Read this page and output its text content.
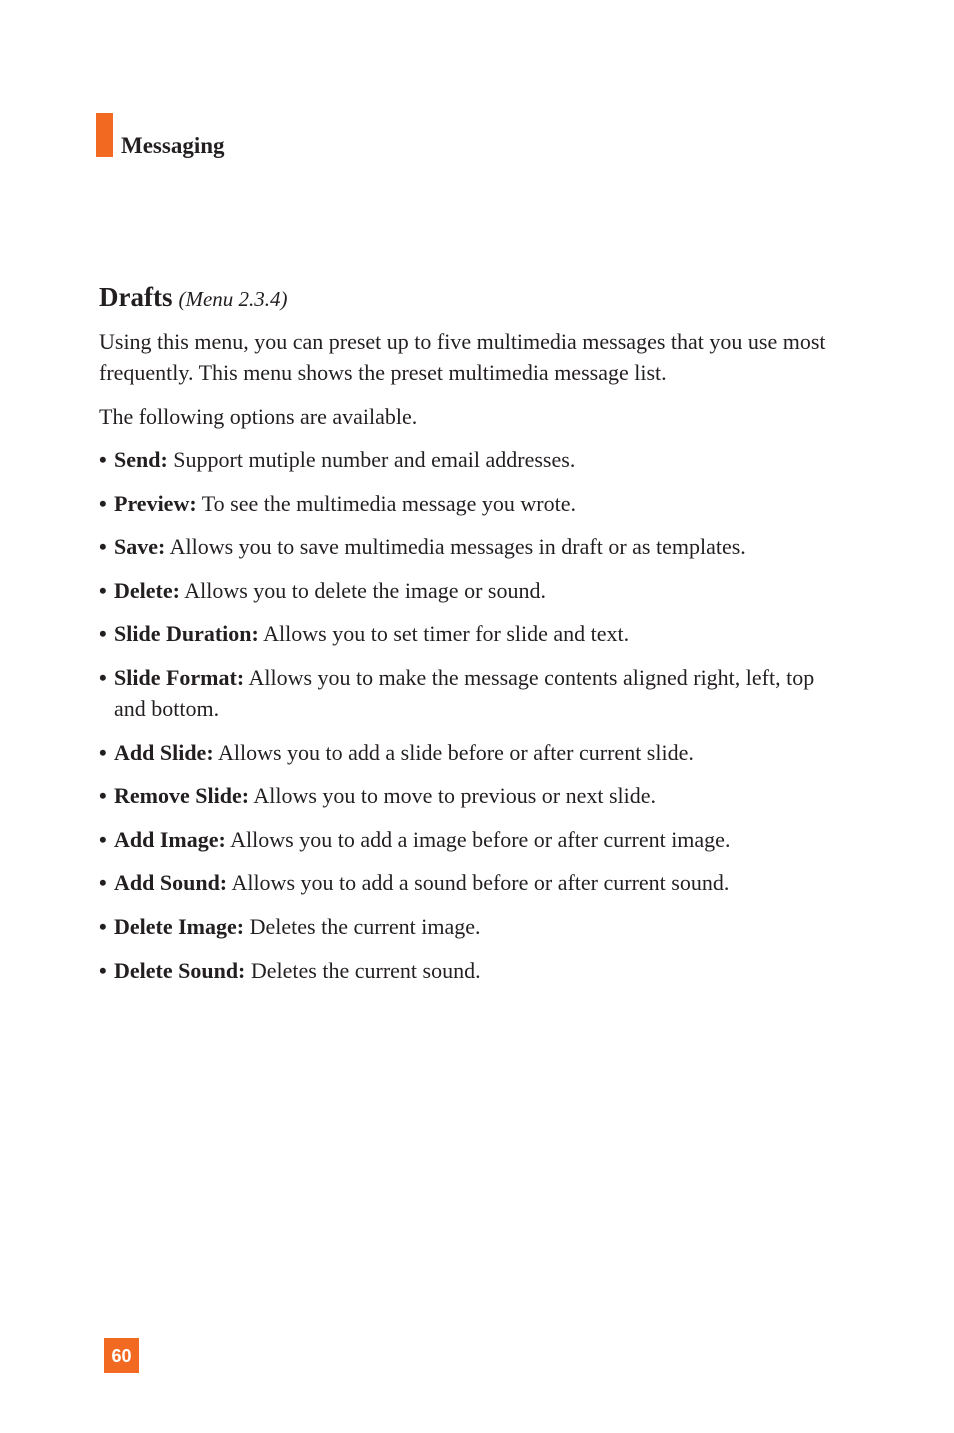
Messaging
Drafts (Menu 2.3.4)

Using this menu, you can preset up to five multimedia messages that you use most frequently. This menu shows the preset multimedia message list.

The following options are available.

• Send: Support mutiple number and email addresses.
• Preview: To see the multimedia message you wrote.
• Save: Allows you to save multimedia messages in draft or as templates.
• Delete: Allows you to delete the image or sound.
• Slide Duration: Allows you to set timer for slide and text.
• Slide Format: Allows you to make the message contents aligned right, left, top and bottom.
• Add Slide: Allows you to add a slide before or after current slide.
• Remove Slide: Allows you to move to previous or next slide.
• Add Image: Allows you to add a image before or after current image.
• Add Sound: Allows you to add a sound before or after current sound.
• Delete Image: Deletes the current image.
• Delete Sound: Deletes the current sound.
60
